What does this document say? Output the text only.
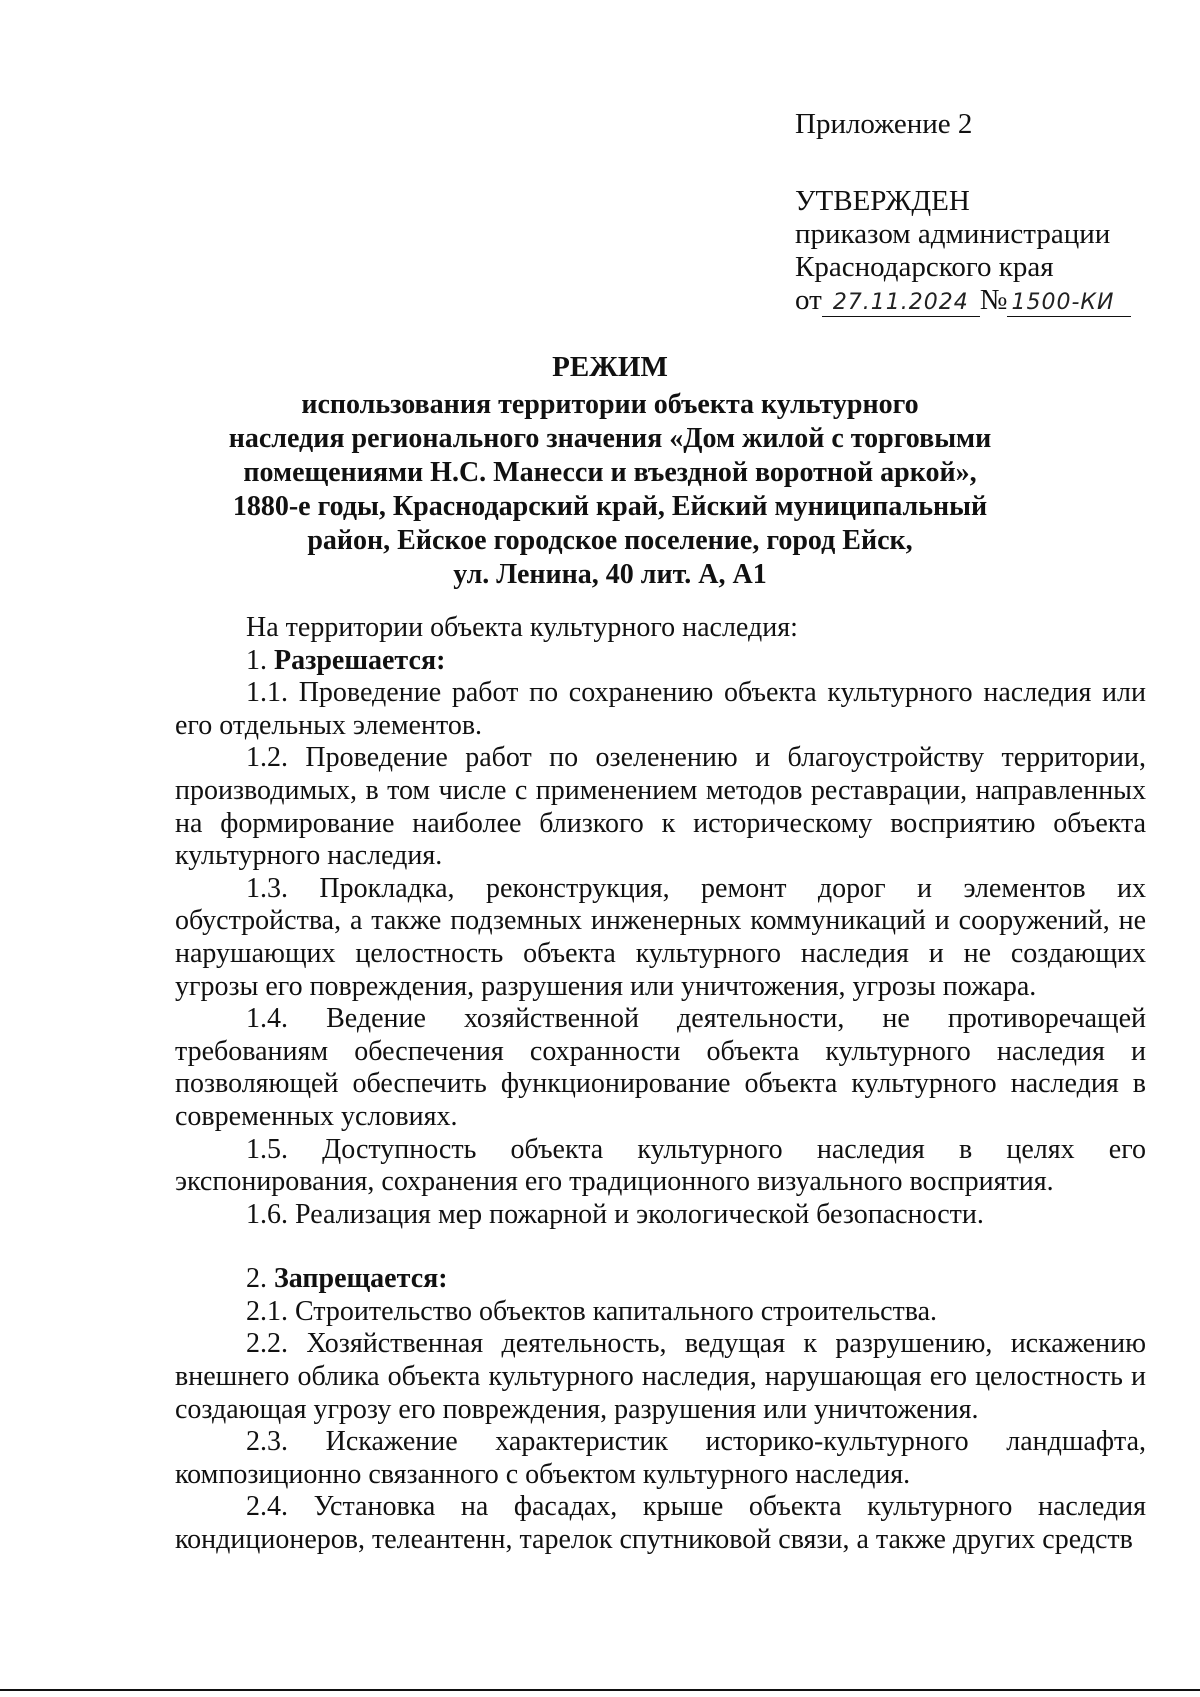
Приложение 2
УТВЕРЖДЕН
приказом администрации
Краснодарского края
от 27.11.2024 № 1500-КИ
РЕЖИМ
использования территории объекта культурного
наследия регионального значения «Дом жилой с торговыми
помещениями Н.С. Манесси и въездной воротной аркой»,
1880-е годы, Краснодарский край, Ейский муниципальный
район, Ейское городское поселение, город Ейск,
ул. Ленина, 40 лит. А, А1

На территории объекта культурного наследия:

1. Разрешается:

1.1. Проведение работ по сохранению объекта культурного наследия или его отдельных элементов.

1.2. Проведение работ по озеленению и благоустройству территории, производимых, в том числе с применением методов реставрации, направленных на формирование наиболее близкого к историческому восприятию объекта культурного наследия.

1.3. Прокладка, реконструкция, ремонт дорог и элементов их обустройства, а также подземных инженерных коммуникаций и сооружений, не нарушающих целостность объекта культурного наследия и не создающих угрозы его повреждения, разрушения или уничтожения, угрозы пожара.

1.4. Ведение хозяйственной деятельности, не противоречащей требованиям обеспечения сохранности объекта культурного наследия и позволяющей обеспечить функционирование объекта культурного наследия в современных условиях.

1.5. Доступность объекта культурного наследия в целях его экспонирования, сохранения его традиционного визуального восприятия.

1.6. Реализация мер пожарной и экологической безопасности.

2. Запрещается:

2.1. Строительство объектов капитального строительства.

2.2. Хозяйственная деятельность, ведущая к разрушению, искажению внешнего облика объекта культурного наследия, нарушающая его целостность и создающая угрозу его повреждения, разрушения или уничтожения.

2.3. Искажение характеристик историко-культурного ландшафта, композиционно связанного с объектом культурного наследия.

2.4. Установка на фасадах, крыше объекта культурного наследия кондиционеров, телеантенн, тарелок спутниковой связи, а также других средств
